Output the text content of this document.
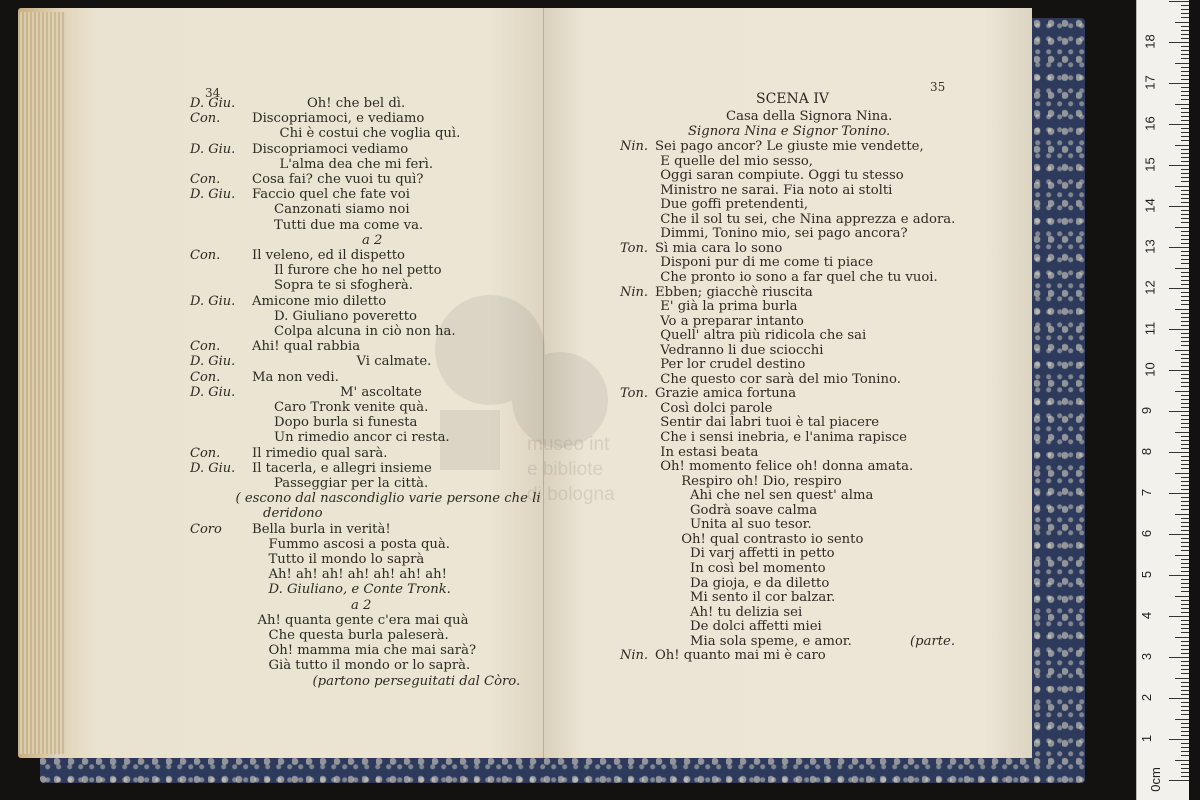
museo int
e bibliote
di bologna
34	35
SCENA IV
Casa della Signora Nina.
Signora Nina e Signor Tonino.
D. Giu.	Oh! che bel dì.
Con. Discopriamoci, e vediamo
Chi è costui che voglia quì.
D. Giu. Discopriamoci vediamo
L'alma dea che mi ferì.
Con. Cosa fai? che vuoi tu quì?
D. Giu. Faccio quel che fate voi
Canzonati siamo noi
Tutti due ma come va.
a 2
Con. Il veleno, ed il dispetto
Il furore che ho nel petto
Sopra te si sfogherà.
D. Giu. Amicone mio diletto
D. Giuliano poveretto
Colpa alcuna in ciò non ha.
Con. Ahi! qual rabbia
D. Giu.	Vi calmate.
Con. Ma non vedi.
D. Giu.	M' ascoltate
Caro Tronk venite quà.
Dopo burla si funesta
Un rimedio ancor ci resta.
Con. Il rimedio qual sarà.
D. Giu. Il tacerla, e allegri insieme
Passeggiar per la città.
( escono dal nascondiglio varie persone che li
deridono
Coro Bella burla in verità!
Fummo ascosi a posta quà.
Tutto il mondo lo saprà
Ah! ah! ah! ah! ah! ah! ah!
D. Giuliano, e Conte Tronk.
a 2
Ah! quanta gente c'era mai quà
Che questa burla paleserà.
Oh! mamma mia che mai sarà?
Già tutto il mondo or lo saprà.
(partono perseguitati dal Còro.
Nin. Sei pago ancor? Le giuste mie vendette,
E quelle del mio sesso,
Oggi saran compiute. Oggi tu stesso
Ministro ne sarai. Fia noto ai stolti
Due goffi pretendenti,
Che il sol tu sei, che Nina apprezza e adora.
Dimmi, Tonino mio, sei pago ancora?
Ton. Sì mia cara lo sono
Disponi pur di me come ti piace
Che pronto io sono a far quel che tu vuoi.
Nin. Ebben; giacchè riuscita
E' già la prima burla
Vo a preparar intanto
Quell' altra più ridicola che sai
Vedranno li due sciocchi
Per lor crudel destino
Che questo cor sarà del mio Tonino.
Ton. Grazie amica fortuna
Così dolci parole
Sentir dai labri tuoi è tal piacere
Che i sensi inebria, e l'anima rapisce
In estasi beata
Oh! momento felice oh! donna amata.
Respiro oh! Dio, respiro
Ahi che nel sen quest' alma
Godrà soave calma
Unita al suo tesor.
Oh! qual contrasto io sento
Di varj affetti in petto
In così bel momento
Da gioja, e da diletto
Mi sento il cor balzar.
Ah! tu delizia sei
De dolci affetti miei
Mia sola speme, e amor.	(parte.
Nin. Oh! quanto mai mi è caro
0cm
1
2
3
4
5
6
7
8
9
10
11
12
13
14
15
16
17
18
